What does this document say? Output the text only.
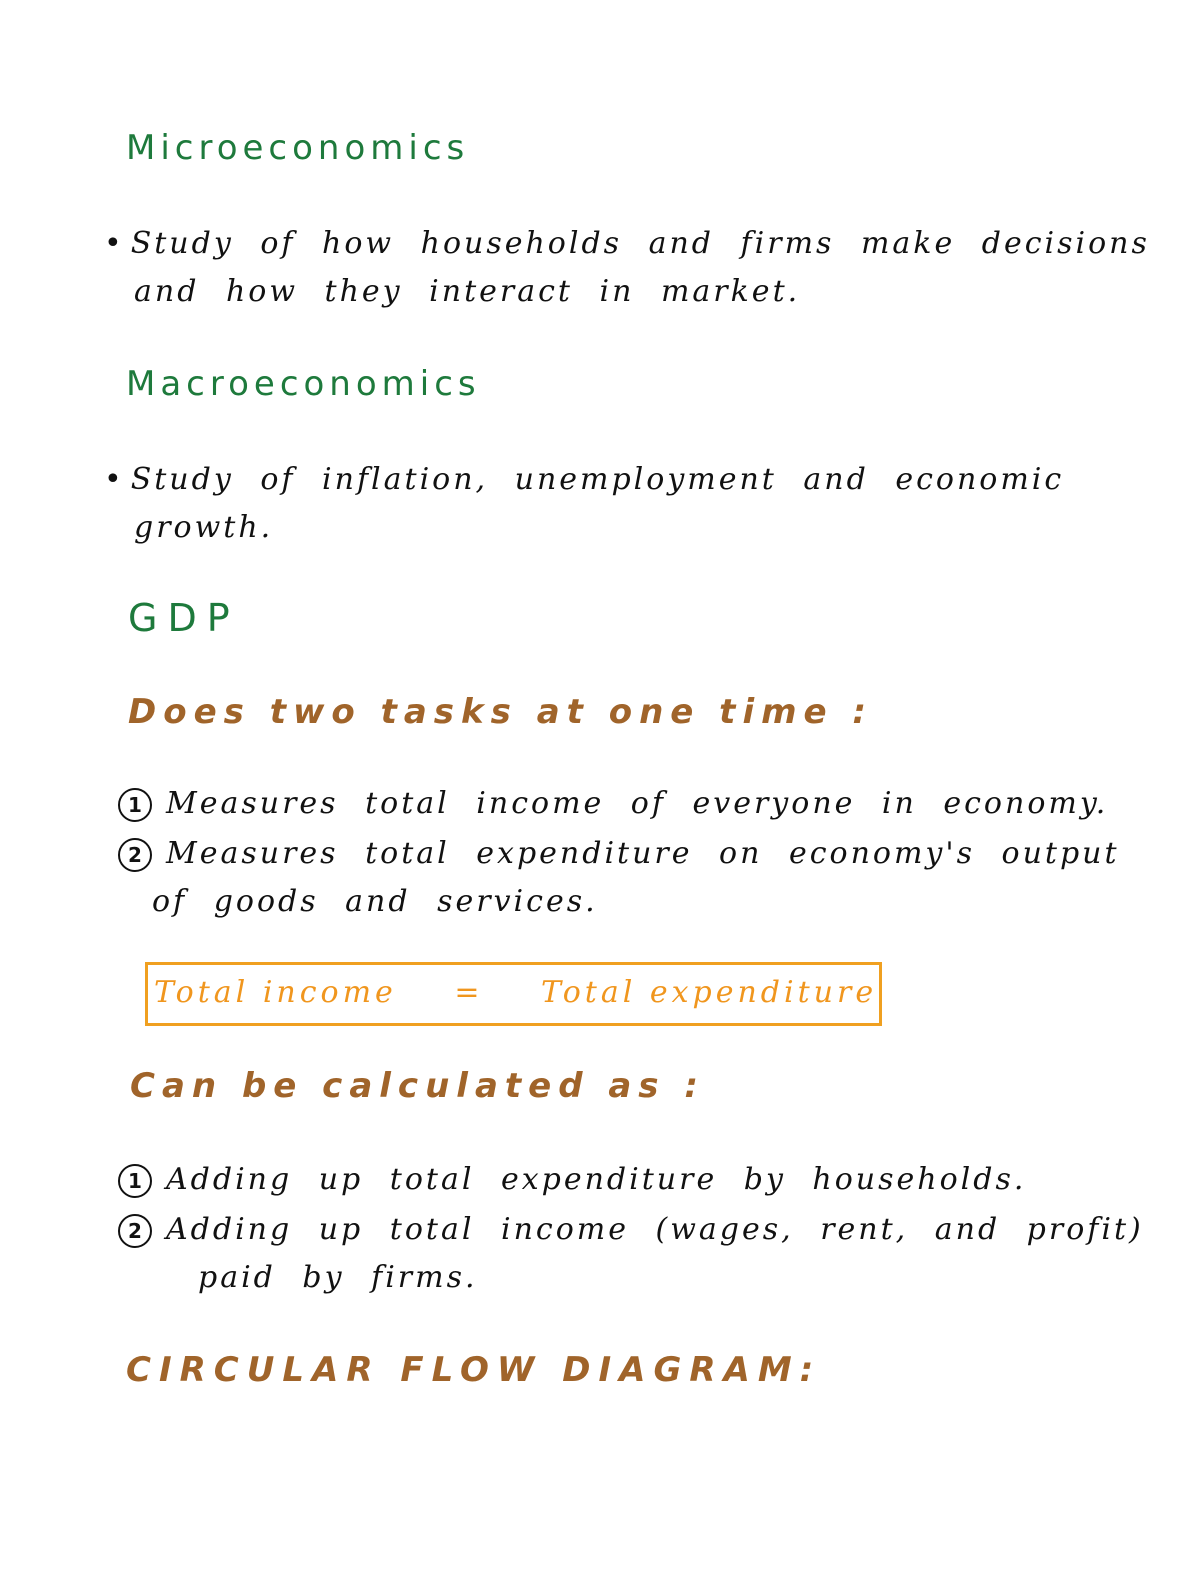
Microeconomics
• Study of how households and firms make decisions
and how they interact in market.
Macroeconomics
• Study of inflation, unemployment and economic
growth.
GDP
Does two tasks at one time :
1 Measures total income of everyone in economy.
2 Measures total expenditure on economy's output
of goods and services.
Total income = Total expenditure
Can be calculated as :
1 Adding up total expenditure by households.
2 Adding up total income (wages, rent, and profit)
paid by firms.
CIRCULAR FLOW DIAGRAM:
